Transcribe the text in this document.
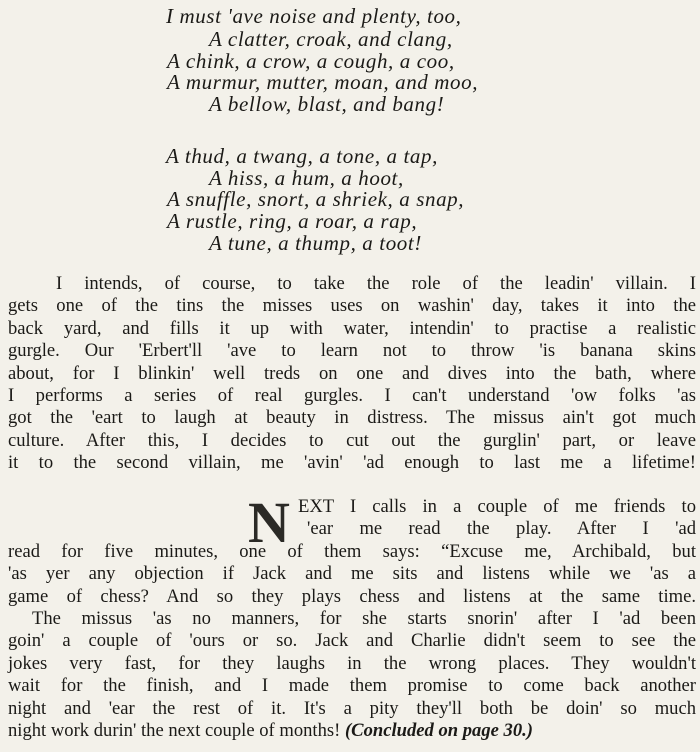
I must 'ave noise and plenty, too,
A clatter, croak, and clang,
A chink, a crow, a cough, a coo,
A murmur, mutter, moan, and moo,
A bellow, blast, and bang!
A thud, a twang, a tone, a tap,
A hiss, a hum, a hoot,
A snuffle, snort, a shriek, a snap,
A rustle, ring, a roar, a rap,
A tune, a thump, a toot!
I intends, of course, to take the role of the leadin' villain. I
gets one of the tins the misses uses on washin' day, takes it into the
back yard, and fills it up with water, intendin' to practise a realistic
gurgle. Our 'Erbert'll 'ave to learn not to throw 'is banana skins
about, for I blinkin' well treds on one and dives into the bath, where
I performs a series of real gurgles. I can't understand 'ow folks 'as
got the 'eart to laugh at beauty in distress. The missus ain't got much
culture. After this, I decides to cut out the gurglin' part, or leave
it to the second villain, me 'avin' 'ad enough to last me a lifetime!
N EXT I calls in a couple of me friends to
'ear me read the play. After I 'ad
read for five minutes, one of them says: “Excuse me, Archibald, but
'as yer any objection if Jack and me sits and listens while we 'as a
game of chess? And so they plays chess and listens at the same time.
The missus 'as no manners, for she starts snorin' after I 'ad been
goin' a couple of 'ours or so. Jack and Charlie didn't seem to see the
jokes very fast, for they laughs in the wrong places. They wouldn't
wait for the finish, and I made them promise to come back another
night and 'ear the rest of it. It's a pity they'll both be doin' so much
night work durin' the next couple of months! (Concluded on page 30.)
